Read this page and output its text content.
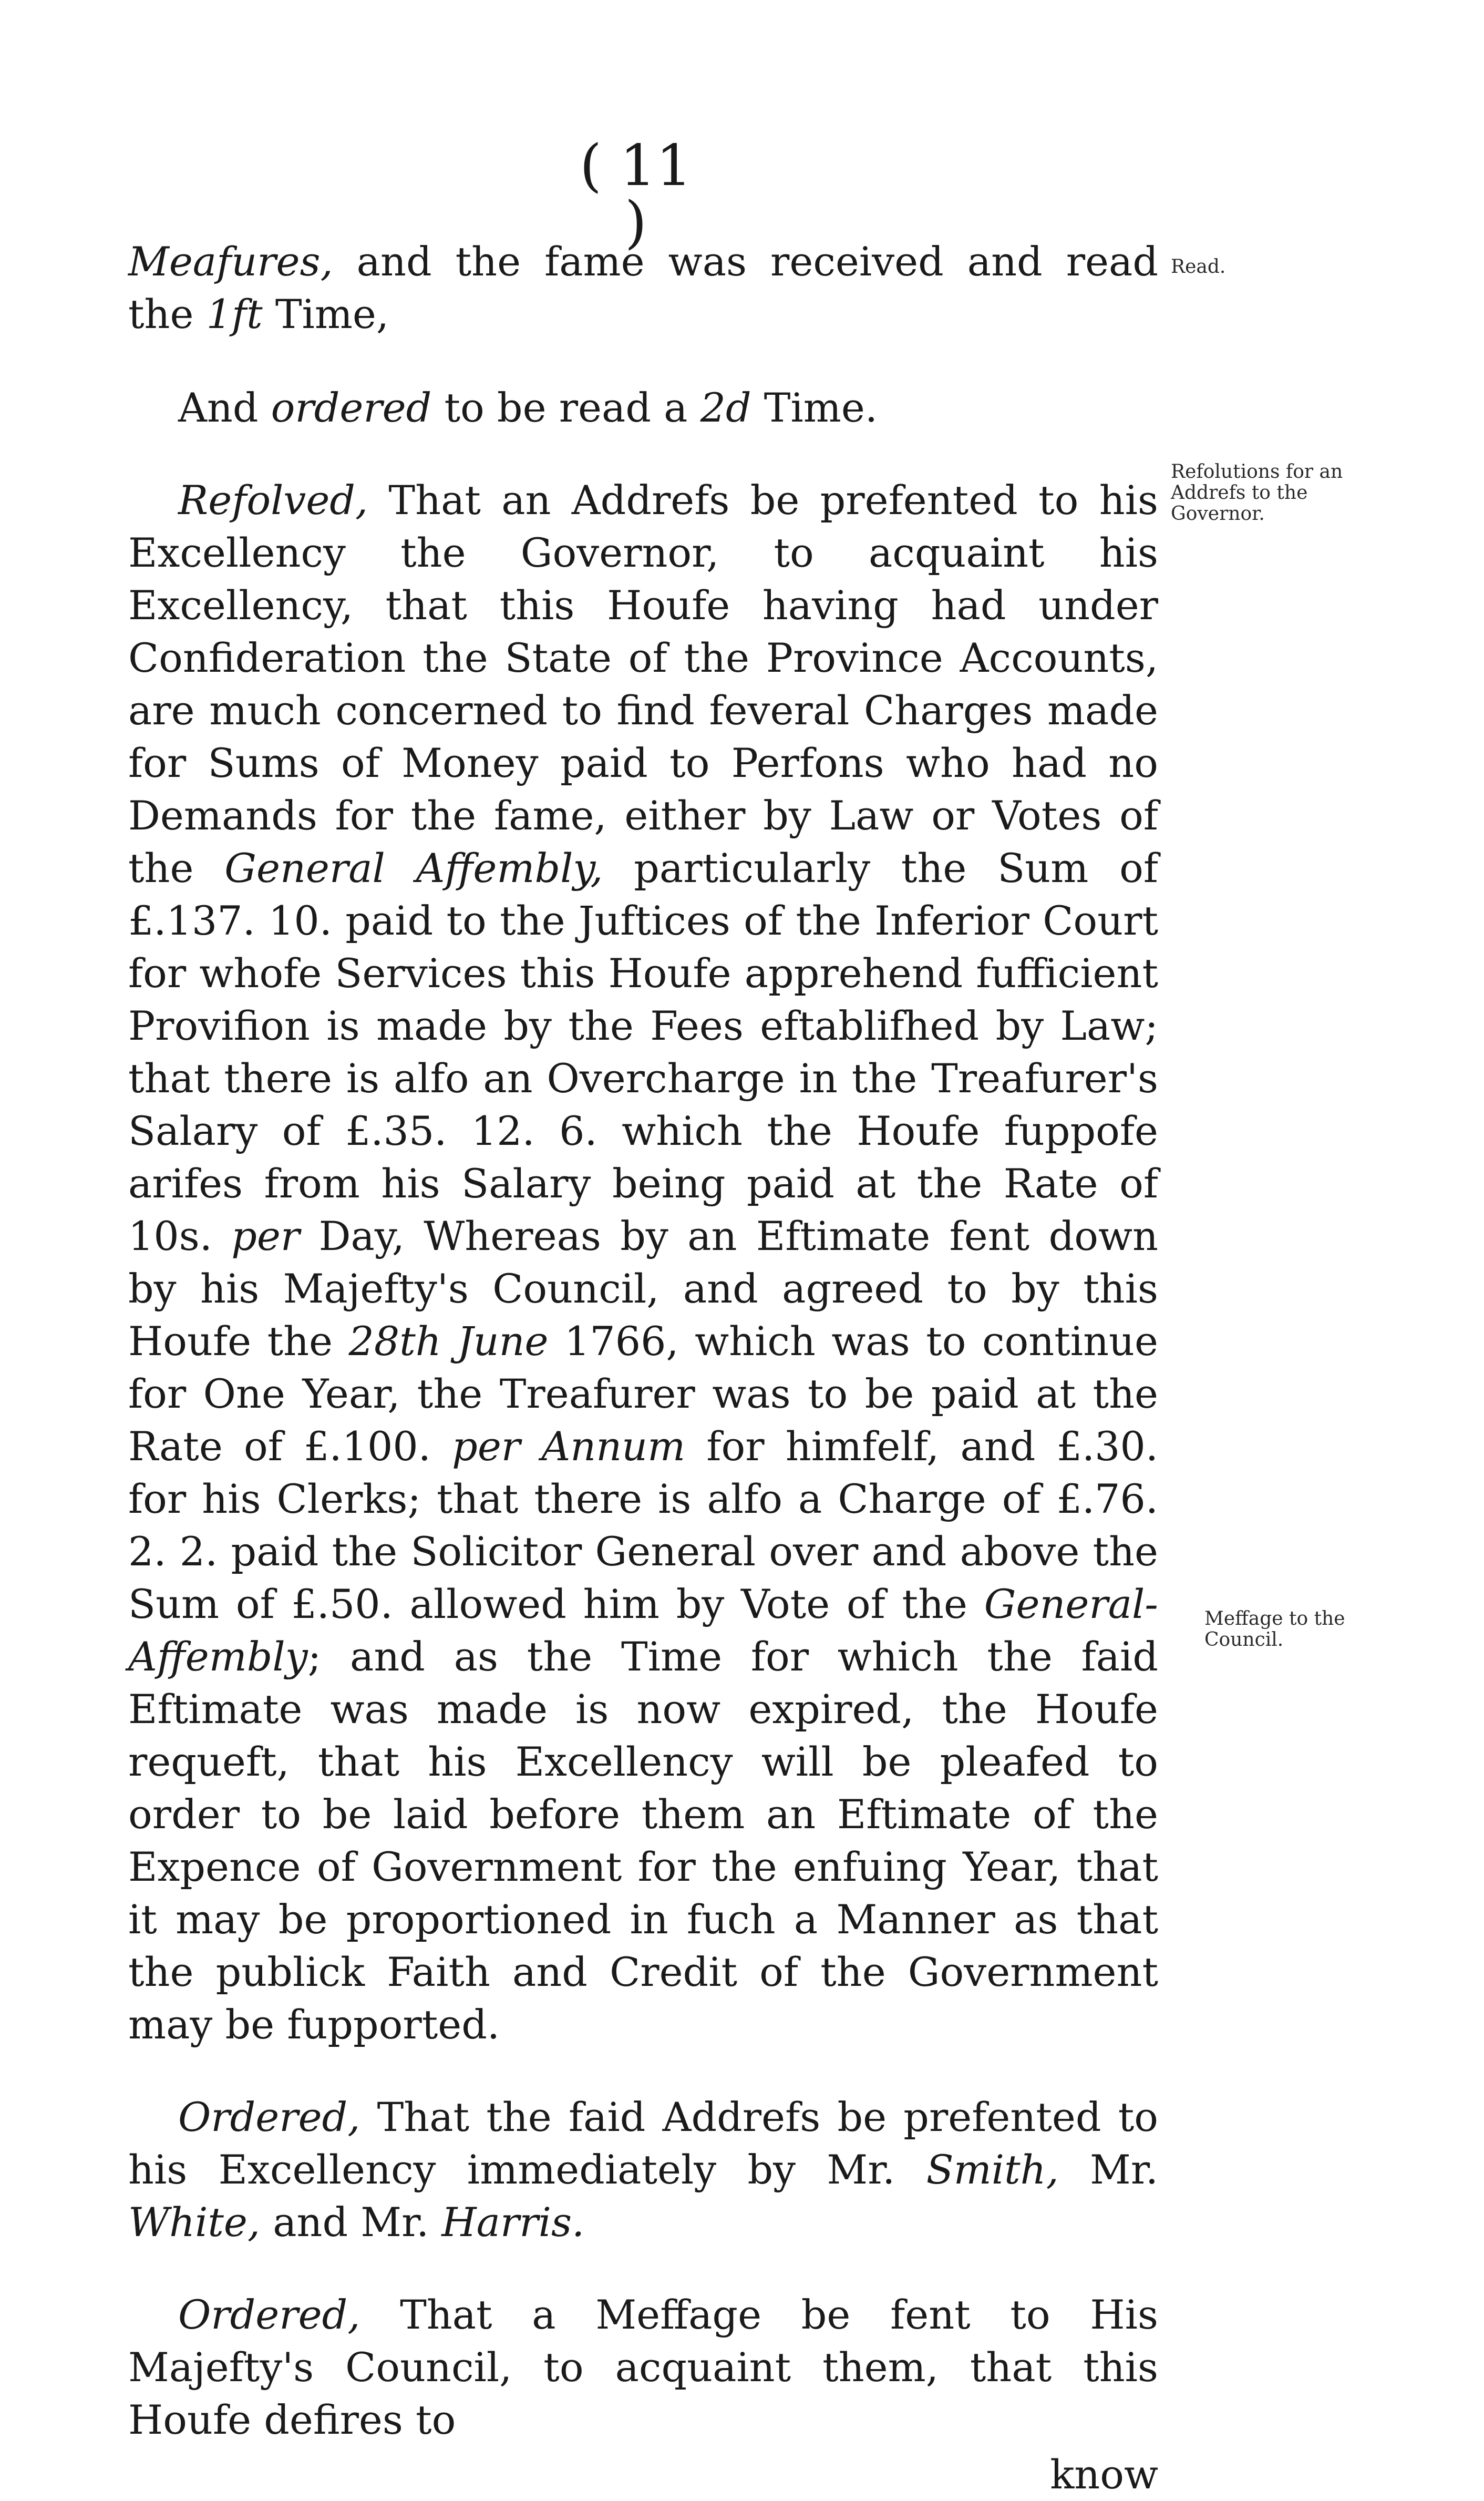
( 11 )

Meafures, and the fame was received and read the 1ft Time,

And ordered to be read a 2d Time.

Refolved, That an Addrefs be prefented to his Excellency the Governor, to acquaint his Excellency, that this Houfe having had under Confideration the State of the Province Accounts, are much concerned to find feveral Charges made for Sums of Money paid to Perfons who had no Demands for the fame, either by Law or Votes of the General Affembly, particularly the Sum of £.137. 10. paid to the Juftices of the Inferior Court for whofe Services this Houfe apprehend fufficient Provifion is made by the Fees eftablifhed by Law; that there is alfo an Overcharge in the Treafurer's Salary of £.35. 12. 6. which the Houfe fuppofe arifes from his Salary being paid at the Rate of 10s. per Day, Whereas by an Eftimate fent down by his Majefty's Council, and agreed to by this Houfe the 28th June 1766, which was to continue for One Year, the Treafurer was to be paid at the Rate of £.100. per Annum for himfelf, and £.30. for his Clerks; that there is alfo a Charge of £.76. 2. 2. paid the Solicitor General over and above the Sum of £.50. allowed him by Vote of the General-Affembly; and as the Time for which the faid Eftimate was made is now expired, the Houfe requeft, that his Excellency will be pleafed to order to be laid before them an Eftimate of the Expence of Government for the enfuing Year, that it may be proportioned in fuch a Manner as that the publick Faith and Credit of the Government may be fupported.

Ordered, That the faid Addrefs be prefented to his Excellency immediately by Mr. Smith, Mr. White, and Mr. Harris.

Ordered, That a Meffage be fent to His Majefty's Council, to acquaint them, that this Houfe defires to

know
Read.
Refolutions for an Addrefs to the Governor.
Meffage to the Council.
